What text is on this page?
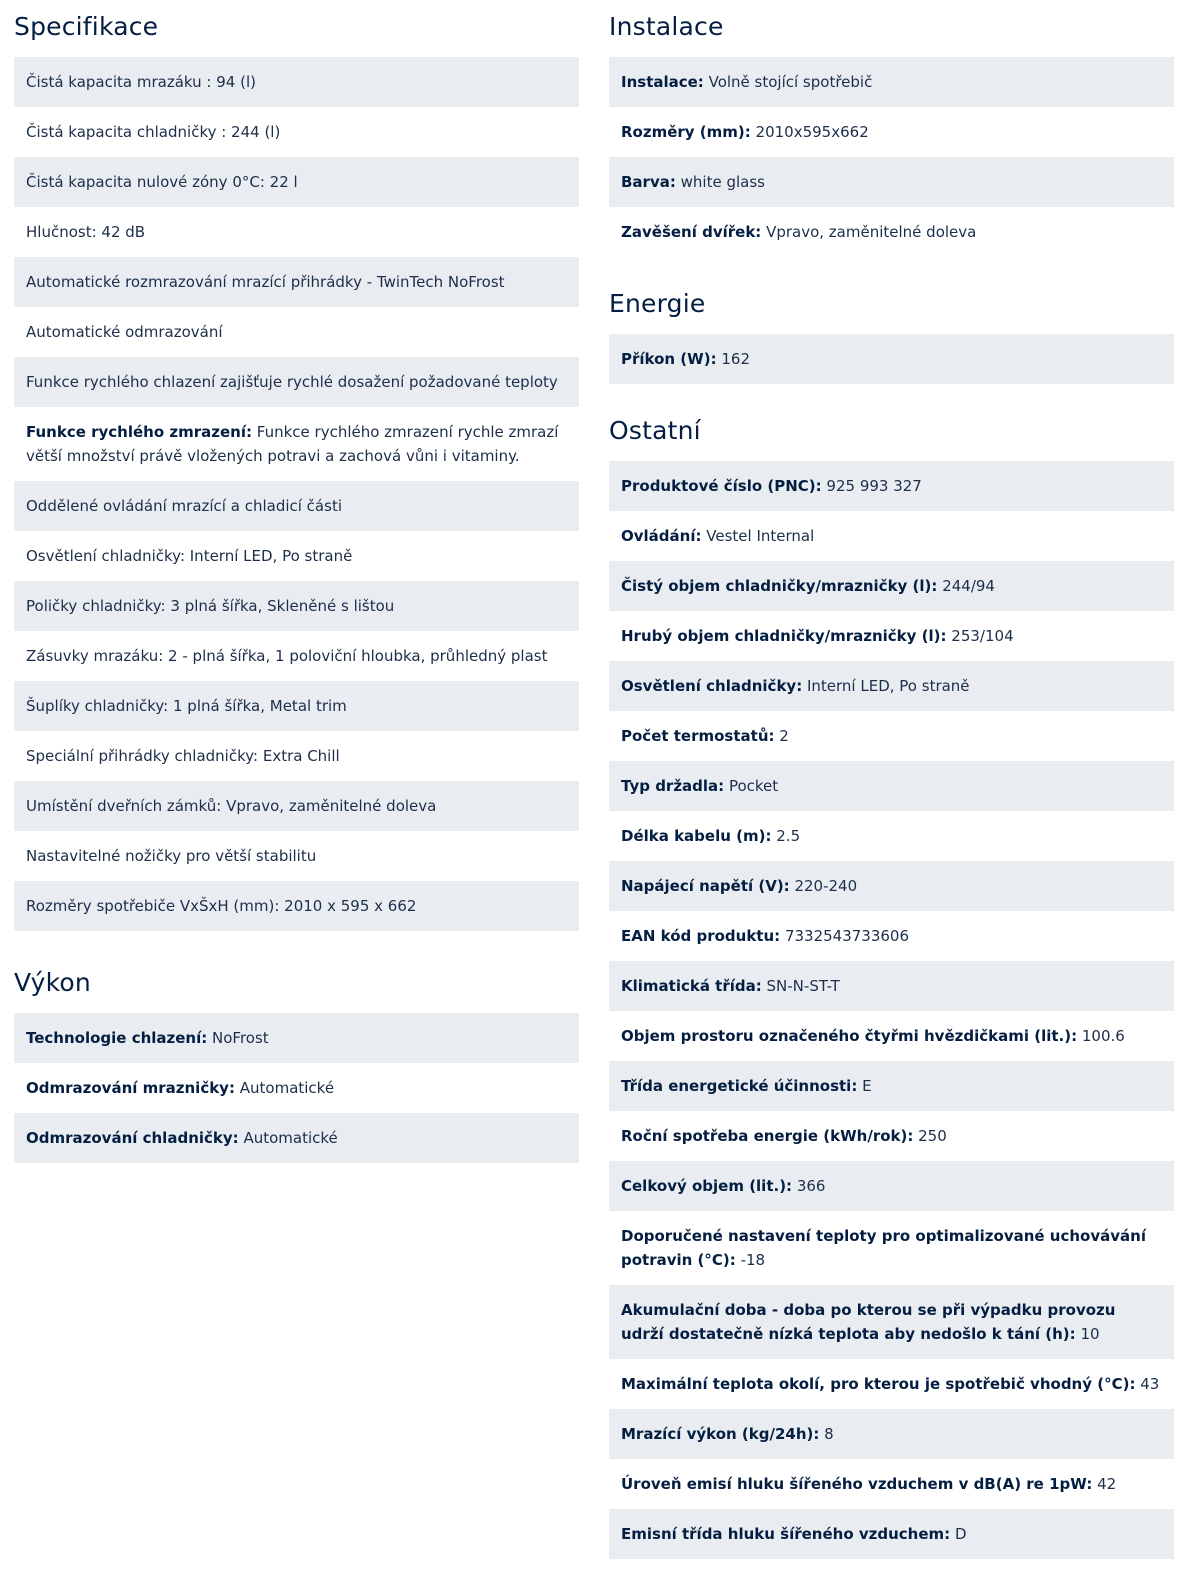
Specifikace
Čistá kapacita mrazáku : 94 (l)
Čistá kapacita chladničky : 244 (l)
Čistá kapacita nulové zóny 0°C: 22 l
Hlučnost: 42 dB
Automatické rozmrazování mrazící přihrádky - TwinTech NoFrost
Automatické odmrazování
Funkce rychlého chlazení zajišťuje rychlé dosažení požadované teploty
Funkce rychlého zmrazení: Funkce rychlého zmrazení rychle zmrazí větší množství právě vložených potravi a zachová vůni i vitaminy.
Oddělené ovládání mrazící a chladicí části
Osvětlení chladničky: Interní LED, Po straně
Poličky chladničky: 3 plná šířka, Skleněné s lištou
Zásuvky mrazáku: 2 - plná šířka, 1 poloviční hloubka, průhledný plast
Šuplíky chladničky: 1 plná šířka, Metal trim
Speciální přihrádky chladničky: Extra Chill
Umístění dveřních zámků: Vpravo, zaměnitelné doleva
Nastavitelné nožičky pro větší stabilitu
Rozměry spotřebiče VxŠxH (mm): 2010 x 595 x 662
Výkon
Technologie chlazení: NoFrost
Odmrazování mrazničky: Automatické
Odmrazování chladničky: Automatické
Instalace
Instalace: Volně stojící spotřebič
Rozměry (mm): 2010x595x662
Barva: white glass
Zavěšení dvířek: Vpravo, zaměnitelné doleva
Energie
Příkon (W): 162
Ostatní
Produktové číslo (PNC): 925 993 327
Ovládání: Vestel Internal
Čistý objem chladničky/mrazničky (l): 244/94
Hrubý objem chladničky/mrazničky (l): 253/104
Osvětlení chladničky: Interní LED, Po straně
Počet termostatů: 2
Typ držadla: Pocket
Délka kabelu (m): 2.5
Napájecí napětí (V): 220-240
EAN kód produktu: 7332543733606
Klimatická třída: SN-N-ST-T
Objem prostoru označeného čtyřmi hvězdičkami (lit.): 100.6
Třída energetické účinnosti: E
Roční spotřeba energie (kWh/rok): 250
Celkový objem (lit.): 366
Doporučené nastavení teploty pro optimalizované uchovávání potravin (°C): -18
Akumulační doba - doba po kterou se při výpadku provozu udrží dostatečně nízká teplota aby nedošlo k tání (h): 10
Maximální teplota okolí, pro kterou je spotřebič vhodný (°C): 43
Mrazící výkon (kg/24h): 8
Úroveň emisí hluku šířeného vzduchem v dB(A) re 1pW: 42
Emisní třída hluku šířeného vzduchem: D
